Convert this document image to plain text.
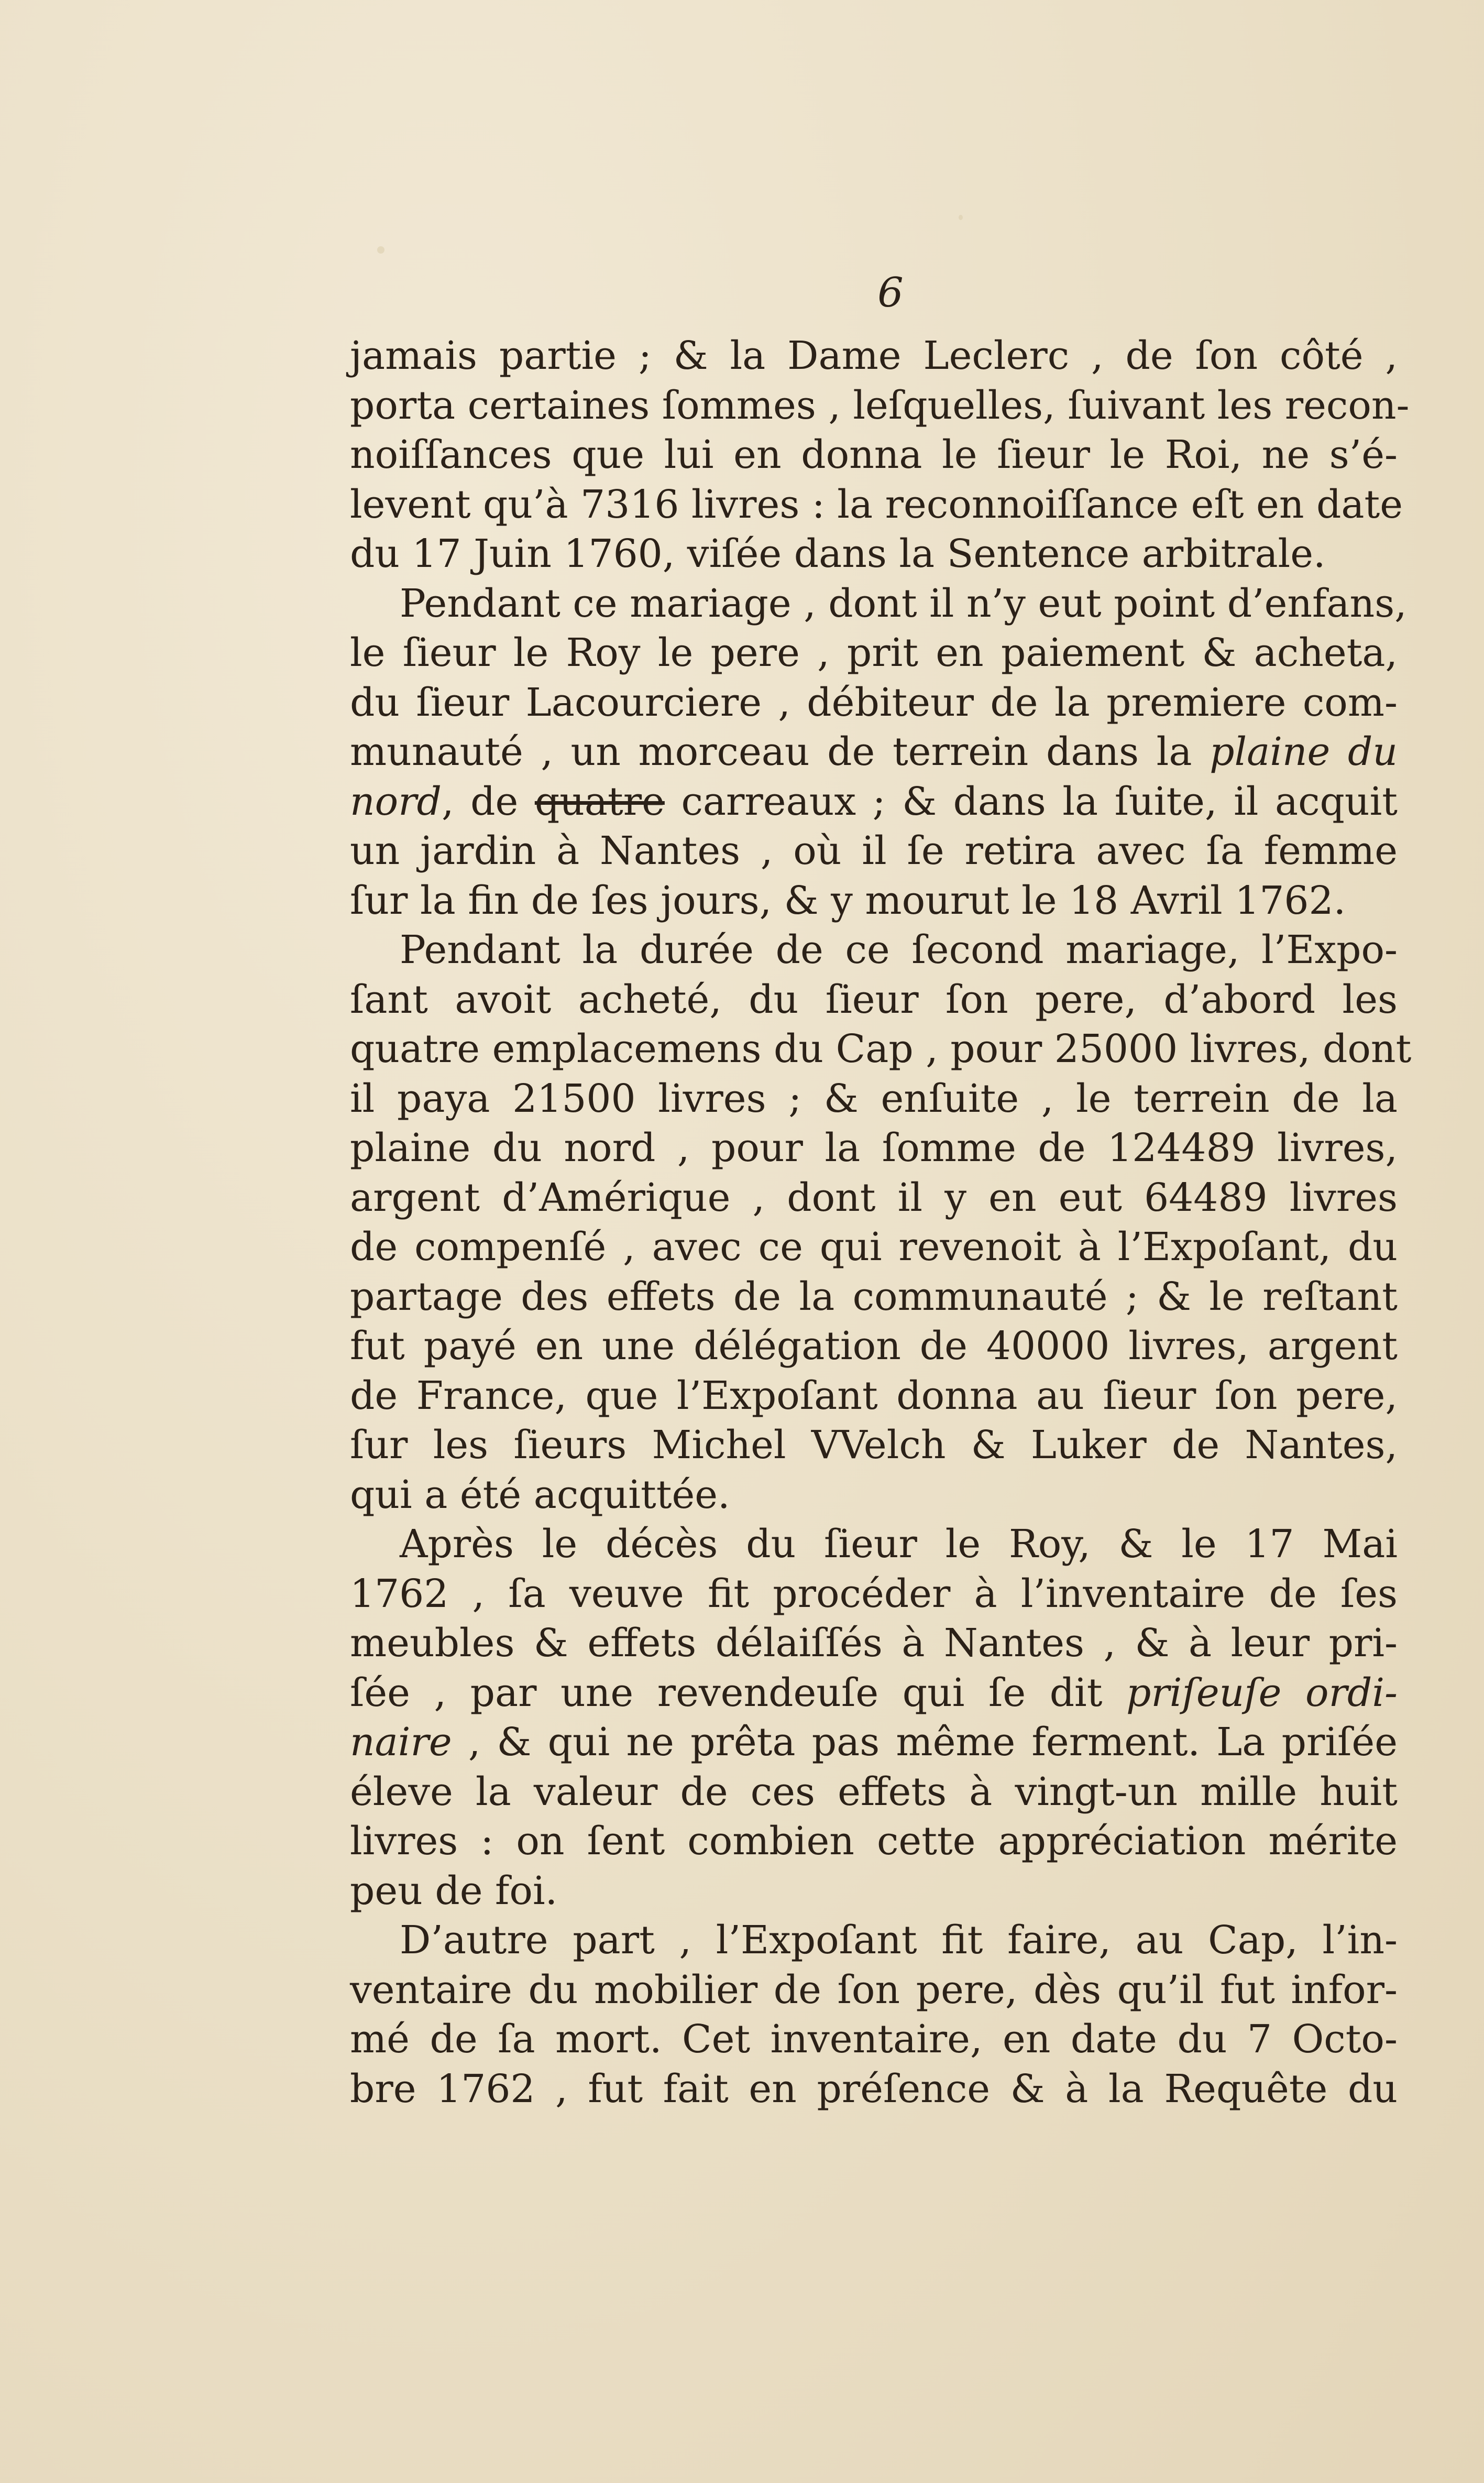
6
jamais partie ; & la Dame Leclerc , de ſon côté ,
porta certaines ſommes , leſquelles, ſuivant les recon-
noiſſances que lui en donna le ſieur le Roi, ne s’é-
levent qu’à 7316 livres : la reconnoiſſance eſt en date
du 17 Juin 1760, viſée dans la Sentence arbitrale.
Pendant ce mariage , dont il n’y eut point d’enfans,
le ſieur le Roy le pere , prit en paiement & acheta,
du ſieur Lacourciere , débiteur de la premiere com-
munauté , un morceau de terrein dans la plaine du
nord, de quatre carreaux ; & dans la ſuite, il acquit
un jardin à Nantes , où il ſe retira avec ſa femme
ſur la fin de ſes jours, & y mourut le 18 Avril 1762.
Pendant la durée de ce ſecond mariage, l’Expo-
ſant avoit acheté, du ſieur ſon pere, d’abord les
quatre emplacemens du Cap , pour 25000 livres, dont
il paya 21500 livres ; & enſuite , le terrein de la
plaine du nord , pour la ſomme de 124489 livres,
argent d’Amérique , dont il y en eut 64489 livres
de compenſé , avec ce qui revenoit à l’Expoſant, du
partage des effets de la communauté ; & le reſtant
fut payé en une délégation de 40000 livres, argent
de France, que l’Expoſant donna au ſieur ſon pere,
ſur les ſieurs Michel VVelch & Luker de Nantes,
qui a été acquittée.
Après le décès du ſieur le Roy, & le 17 Mai
1762 , ſa veuve fit procéder à l’inventaire de ſes
meubles & effets délaiſſés à Nantes , & à leur pri-
ſée , par une revendeuſe qui ſe dit priſeuſe ordi-
naire , & qui ne prêta pas même ferment. La priſée
éleve la valeur de ces effets à vingt-un mille huit
livres : on ſent combien cette appréciation mérite
peu de foi.
D’autre part , l’Expoſant fit faire, au Cap, l’in-
ventaire du mobilier de ſon pere, dès qu’il fut infor-
mé de ſa mort. Cet inventaire, en date du 7 Octo-
bre 1762 , fut fait en préſence & à la Requête du
